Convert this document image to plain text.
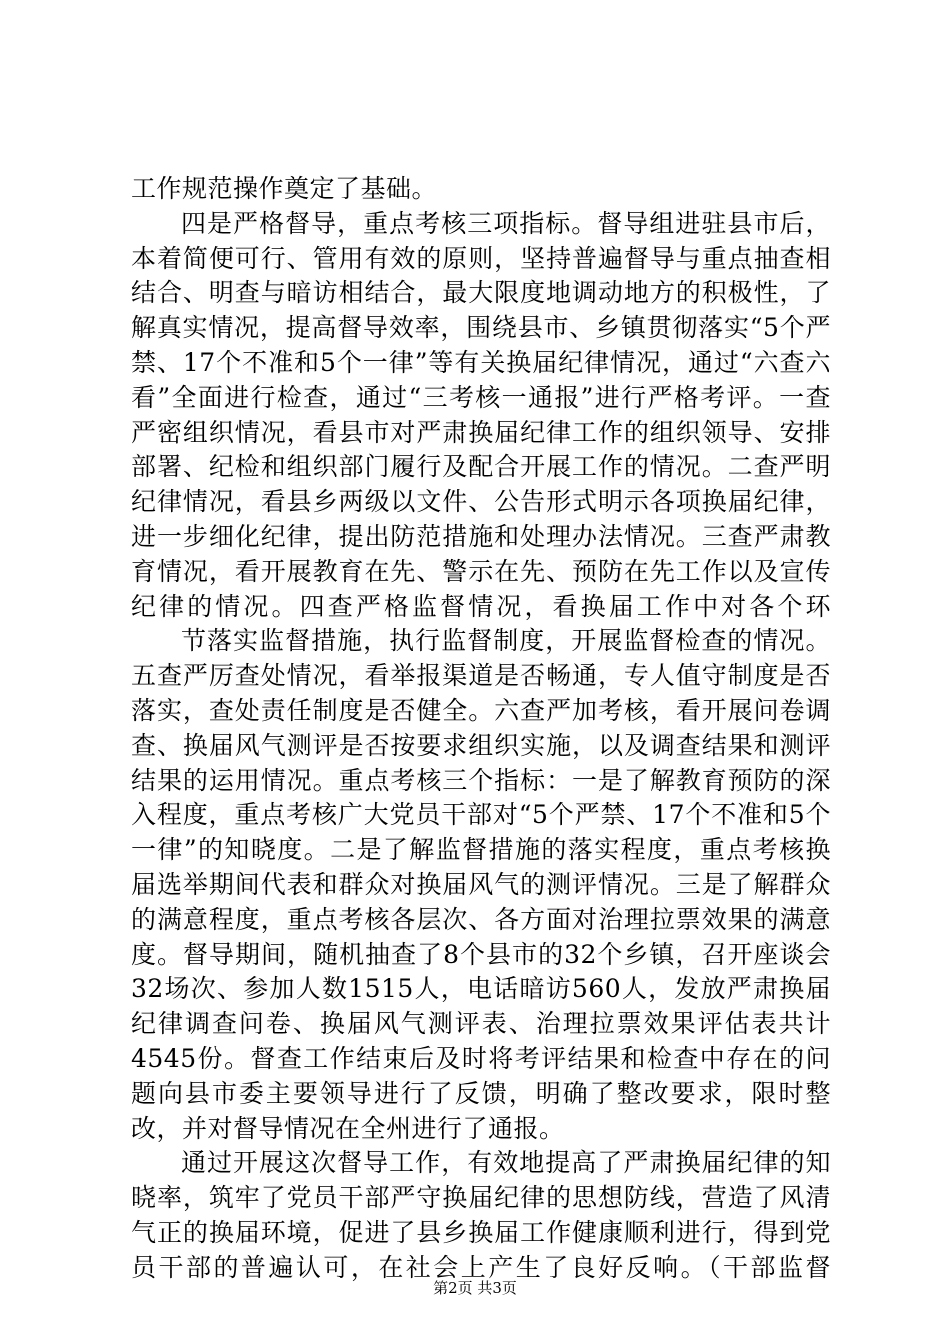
工作规范操作奠定了基础。

四是严格督导，重点考核三项指标。督导组进驻县市后，本着简便可行、管用有效的原则，坚持普遍督导与重点抽查相结合、明查与暗访相结合，最大限度地调动地方的积极性，了解真实情况，提高督导效率，围绕县市、乡镇贯彻落实“5个严禁、17个不准和5个一律”等有关换届纪律情况，通过“六查六看”全面进行检查，通过“三考核一通报”进行严格考评。一查严密组织情况，看县市对严肃换届纪律工作的组织领导、安排部署、纪检和组织部门履行及配合开展工作的情况。二查严明纪律情况，看县乡两级以文件、公告形式明示各项换届纪律，进一步细化纪律，提出防范措施和处理办法情况。三查严肃教育情况，看开展教育在先、警示在先、预防在先工作以及宣传纪律的情况。四查严格监督情况，看换届工作中对各个环

节落实监督措施，执行监督制度，开展监督检查的情况。五查严厉查处情况，看举报渠道是否畅通，专人值守制度是否落实，查处责任制度是否健全。六查严加考核，看开展问卷调查、换届风气测评是否按要求组织实施，以及调查结果和测评结果的运用情况。重点考核三个指标：一是了解教育预防的深入程度，重点考核广大党员干部对“5个严禁、17个不准和5个一律”的知晓度。二是了解监督措施的落实程度，重点考核换届选举期间代表和群众对换届风气的测评情况。三是了解群众的满意程度，重点考核各层次、各方面对治理拉票效果的满意度。督导期间，随机抽查了8个县市的32个乡镇，召开座谈会32场次、参加人数1515人，电话暗访560人，发放严肃换届纪律调查问卷、换届风气测评表、治理拉票效果评估表共计4545份。督查工作结束后及时将考评结果和检查中存在的问题向县市委主要领导进行了反馈，明确了整改要求，限时整改，并对督导情况在全州进行了通报。

通过开展这次督导工作，有效地提高了严肃换届纪律的知晓率，筑牢了党员干部严守换届纪律的思想防线，营造了风清气正的换届环境，促进了县乡换届工作健康顺利进行，得到党员干部的普遍认可，在社会上产生了良好反响。（干部监督

第2页 共3页
